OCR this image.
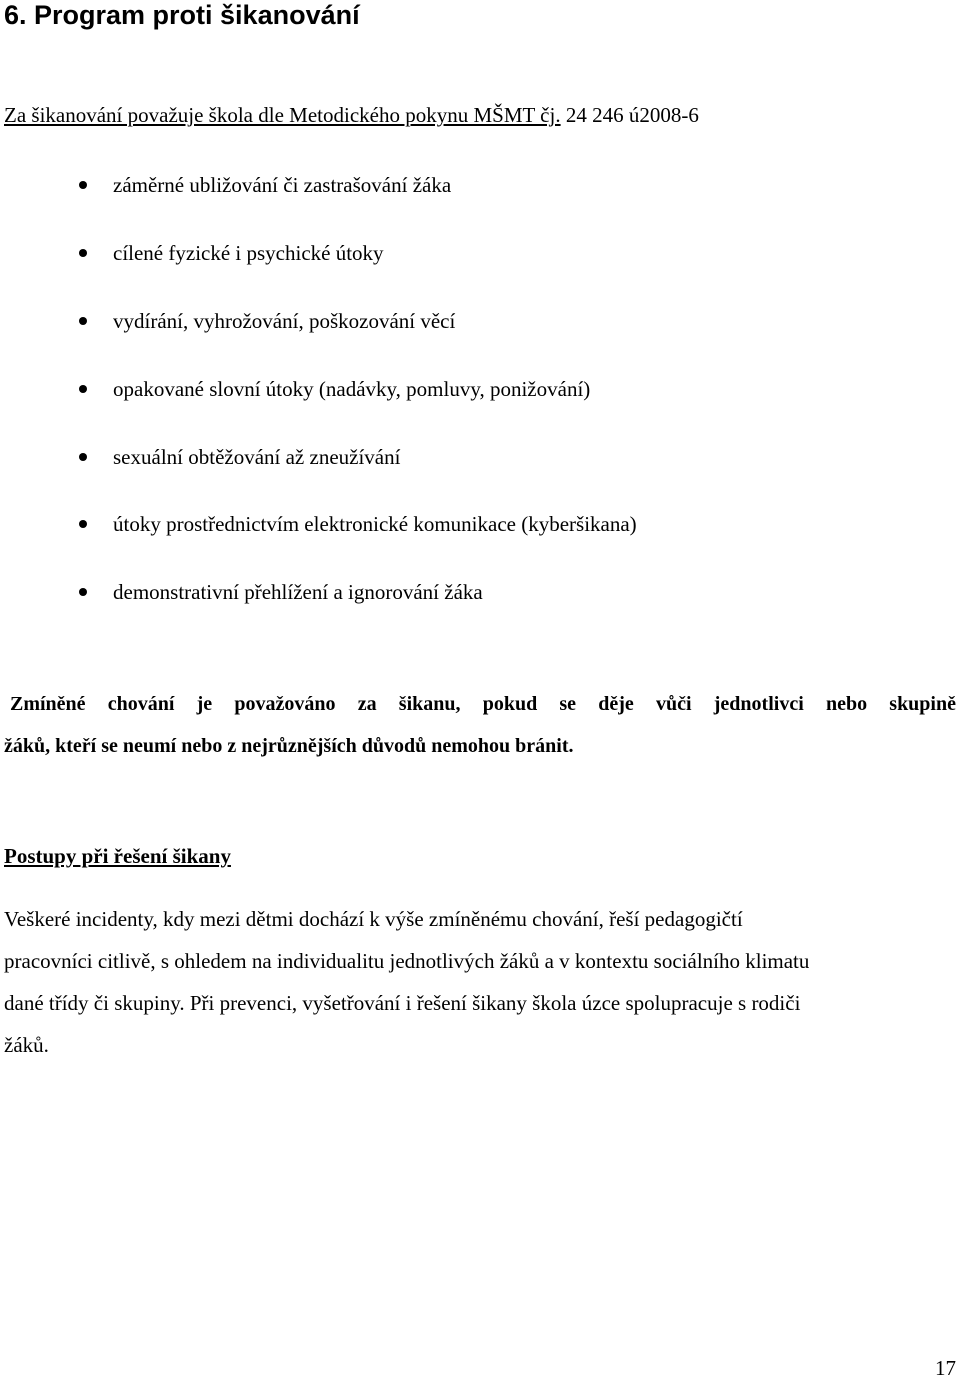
6. Program proti šikanování

Za šikanování považuje škola dle Metodického pokynu MŠMT čj. 24 246 ú2008-6

záměrné ubližování či zastrašování žáka
cílené fyzické i psychické útoky
vydírání, vyhrožování, poškozování věcí
opakované slovní útoky (nadávky, pomluvy, ponižování)
sexuální obtěžování až zneužívání
útoky prostřednictvím elektronické komunikace (kyberšikana)
demonstrativní přehlížení a ignorování žáka

Zmíněné chování je považováno za šikanu, pokud se děje vůči jednotlivci nebo skupině
žáků, kteří se neumí nebo z nejrůznějších důvodů nemohou bránit.

Postupy při řešení šikany

Veškeré incidenty, kdy mezi dětmi dochází k výše zmíněnému chování, řeší pedagogičtí
pracovníci citlivě, s ohledem na individualitu jednotlivých žáků a v kontextu sociálního klimatu
dané třídy či skupiny. Při prevenci, vyšetřování i řešení šikany škola úzce spolupracuje s rodiči
žáků.

17
